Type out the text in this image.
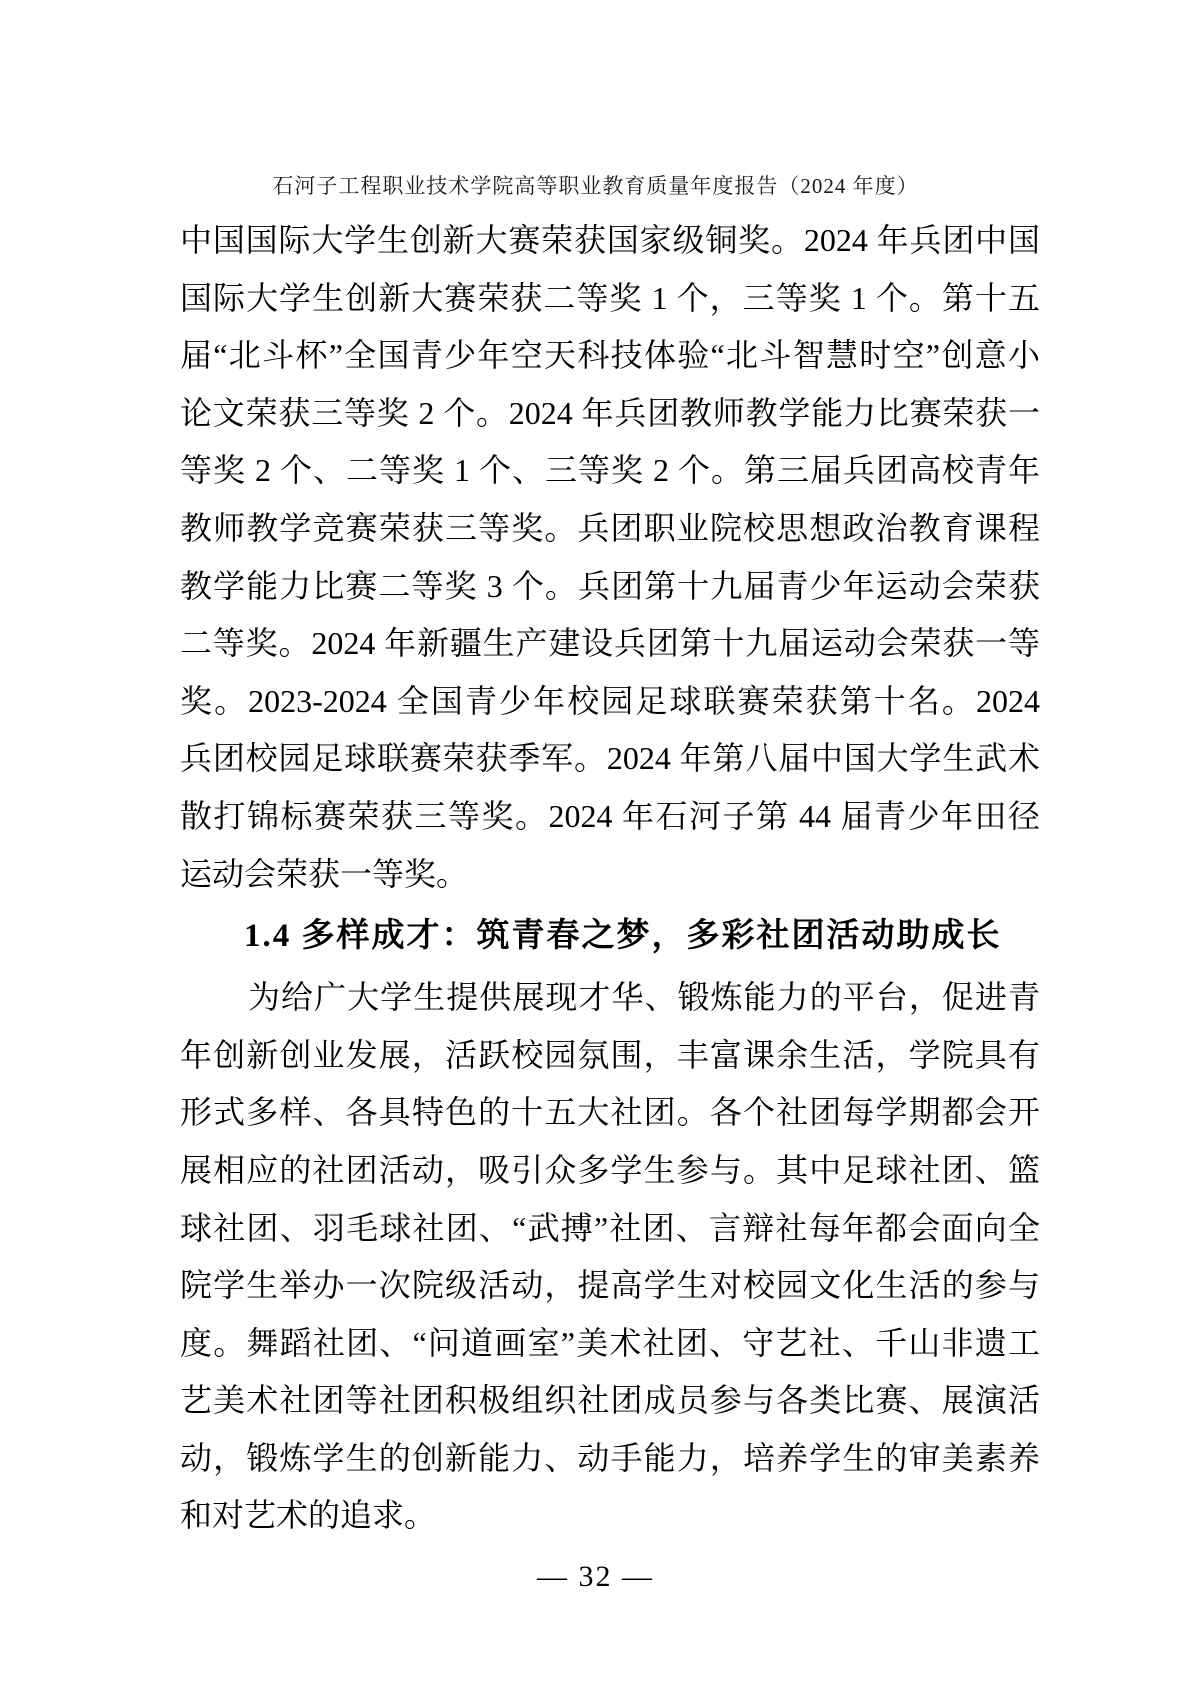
石河子工程职业技术学院高等职业教育质量年度报告（2024 年度）
中国国际大学生创新大赛荣获国家级铜奖。2024 年兵团中国
国际大学生创新大赛荣获二等奖 1 个，三等奖 1 个。第十五
届“北斗杯”全国青少年空天科技体验“北斗智慧时空”创意小
论文荣获三等奖 2 个。2024 年兵团教师教学能力比赛荣获一
等奖 2 个、二等奖 1 个、三等奖 2 个。第三届兵团高校青年
教师教学竞赛荣获三等奖。兵团职业院校思想政治教育课程
教学能力比赛二等奖 3 个。兵团第十九届青少年运动会荣获
二等奖。2024 年新疆生产建设兵团第十九届运动会荣获一等
奖。2023-2024 全国青少年校园足球联赛荣获第十名。2024
兵团校园足球联赛荣获季军。2024 年第八届中国大学生武术
散打锦标赛荣获三等奖。2024 年石河子第 44 届青少年田径
运动会荣获一等奖。
1.4 多样成才：筑青春之梦，多彩社团活动助成长
为给广大学生提供展现才华、锻炼能力的平台，促进青
年创新创业发展，活跃校园氛围，丰富课余生活，学院具有
形式多样、各具特色的十五大社团。各个社团每学期都会开
展相应的社团活动，吸引众多学生参与。其中足球社团、篮
球社团、羽毛球社团、“武搏”社团、言辩社每年都会面向全
院学生举办一次院级活动，提高学生对校园文化生活的参与
度。舞蹈社团、“问道画室”美术社团、守艺社、千山非遗工
艺美术社团等社团积极组织社团成员参与各类比赛、展演活
动，锻炼学生的创新能力、动手能力，培养学生的审美素养
和对艺术的追求。
— 32 —
